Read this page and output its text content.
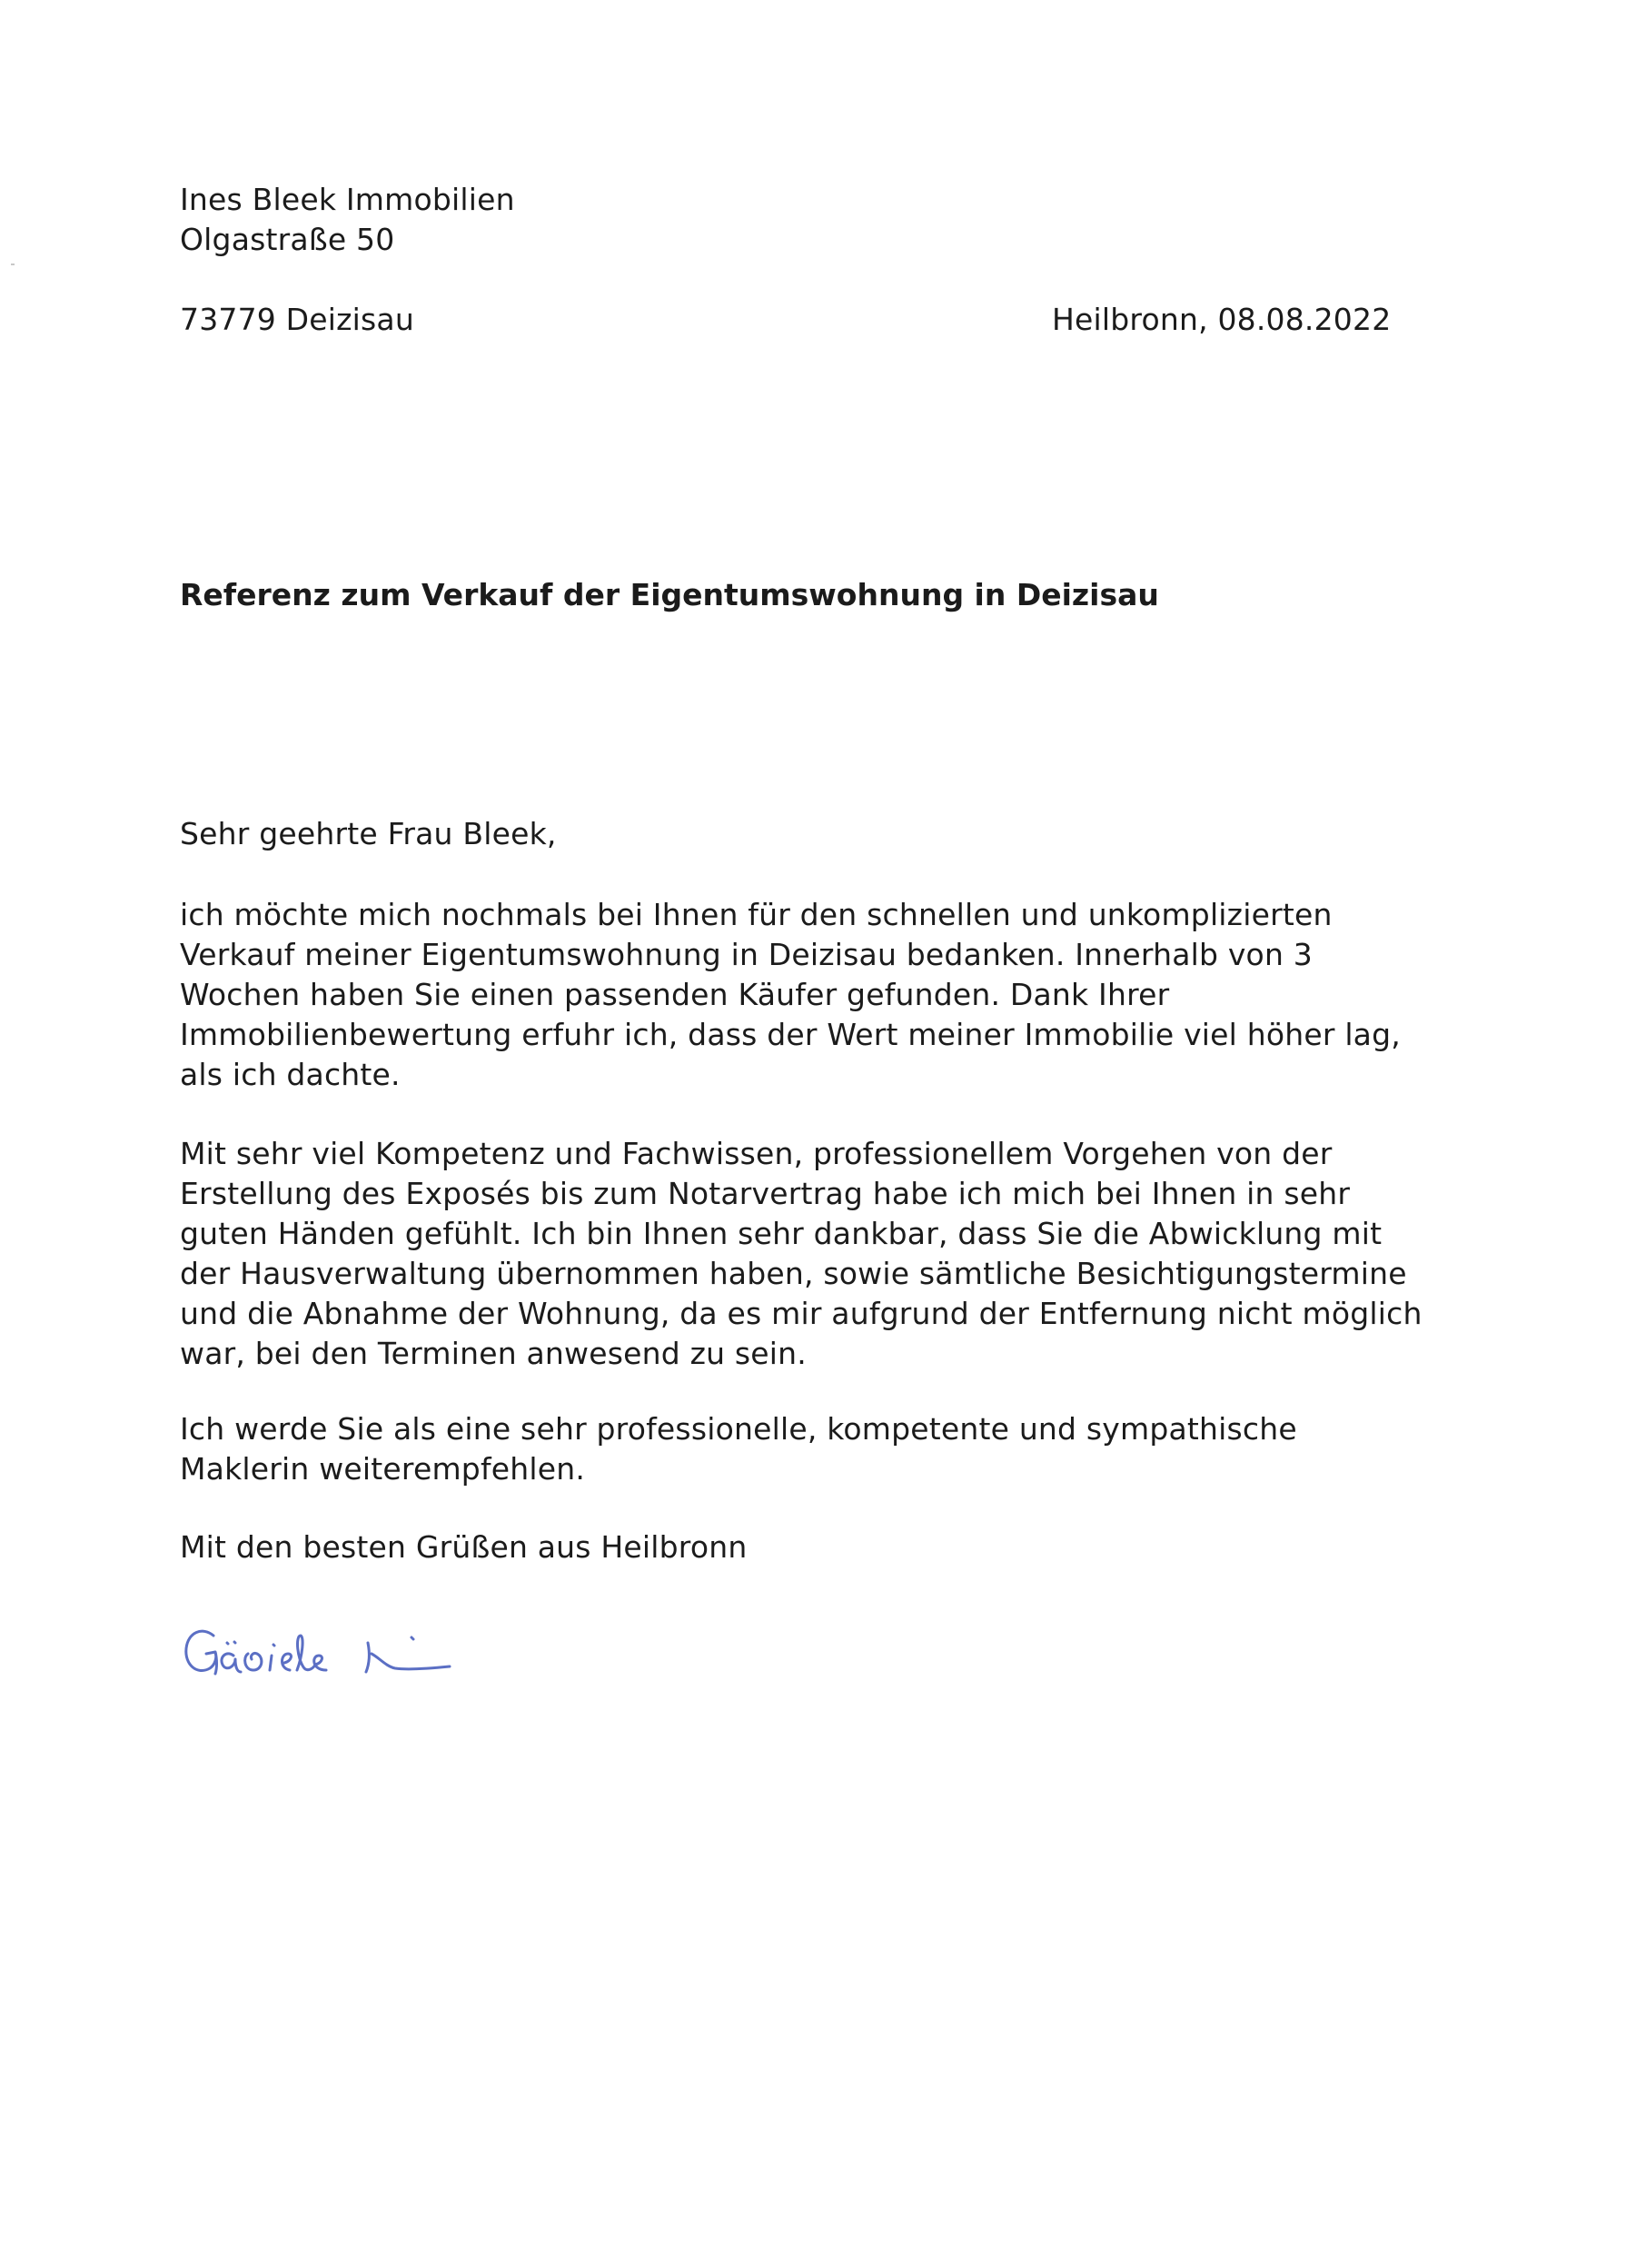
Ines Bleek Immobilien
Olgastraße 50
73779 Deizisau	Heilbronn, 08.08.2022
Referenz zum Verkauf der Eigentumswohnung in Deizisau
Sehr geehrte Frau Bleek,
ich möchte mich nochmals bei Ihnen für den schnellen und unkomplizierten
Verkauf meiner Eigentumswohnung in Deizisau bedanken. Innerhalb von 3
Wochen haben Sie einen passenden Käufer gefunden. Dank Ihrer
Immobilienbewertung erfuhr ich, dass der Wert meiner Immobilie viel höher lag,
als ich dachte.
Mit sehr viel Kompetenz und Fachwissen, professionellem Vorgehen von der
Erstellung des Exposés bis zum Notarvertrag habe ich mich bei Ihnen in sehr
guten Händen gefühlt. Ich bin Ihnen sehr dankbar, dass Sie die Abwicklung mit
der Hausverwaltung übernommen haben, sowie sämtliche Besichtigungstermine
und die Abnahme der Wohnung, da es mir aufgrund der Entfernung nicht möglich
war, bei den Terminen anwesend zu sein.
Ich werde Sie als eine sehr professionelle, kompetente und sympathische
Maklerin weiterempfehlen.
Mit den besten Grüßen aus Heilbronn
